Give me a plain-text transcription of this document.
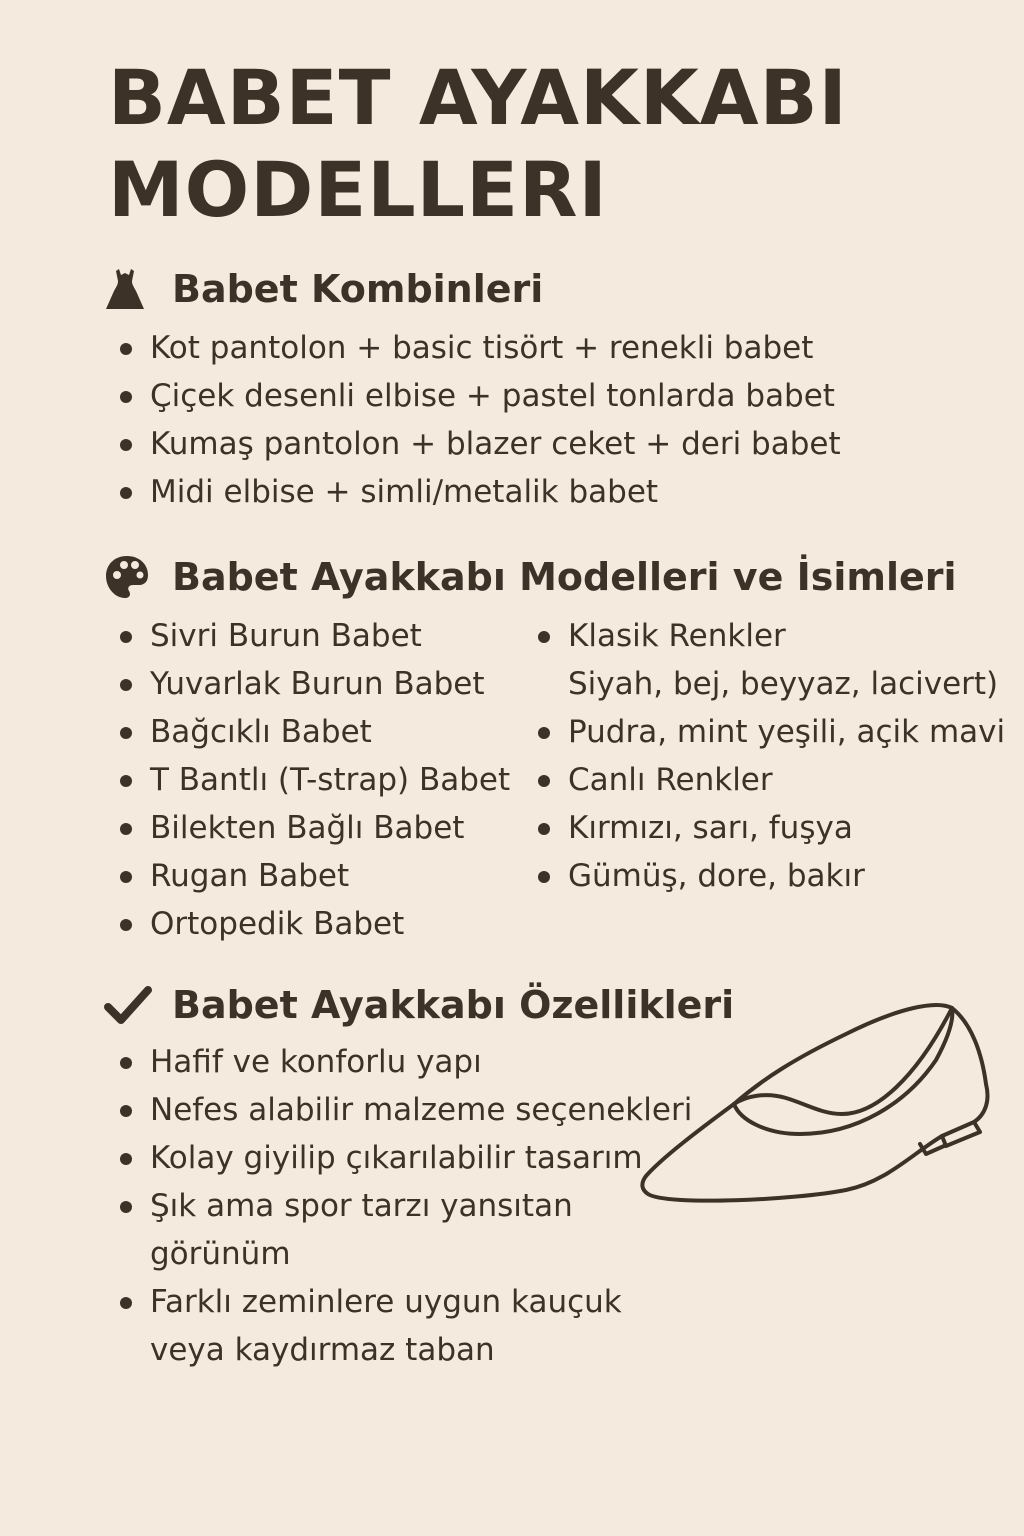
BABET AYAKKABI
MODELLERI
Babet Kombinleri
Kot pantolon + basic tisört + renekli babet
Çiçek desenli elbise + pastel tonlarda babet
Kumaş pantolon + blazer ceket + deri babet
Midi elbise + simli/metalik babet
Babet Ayakkabı Modelleri ve İsimleri
Sivri Burun Babet
Yuvarlak Burun Babet
Bağcıklı Babet
T Bantlı (T-strap) Babet
Bilekten Bağlı Babet
Rugan Babet
Ortopedik Babet
Klasik Renkler
Siyah, bej, beyyaz, lacivert)
Pudra, mint yeşili, açik mavi
Canlı Renkler
Kırmızı, sarı, fuşya
Gümüş, dore, bakır
Babet Ayakkabı Özellikleri
Hafif ve konforlu yapı
Nefes alabilir malzeme seçenekleri
Kolay giyilip çıkarılabilir tasarım
Şık ama spor tarzı yansıtan
görünüm
Farklı zeminlere uygun kauçuk
veya kaydırmaz taban
